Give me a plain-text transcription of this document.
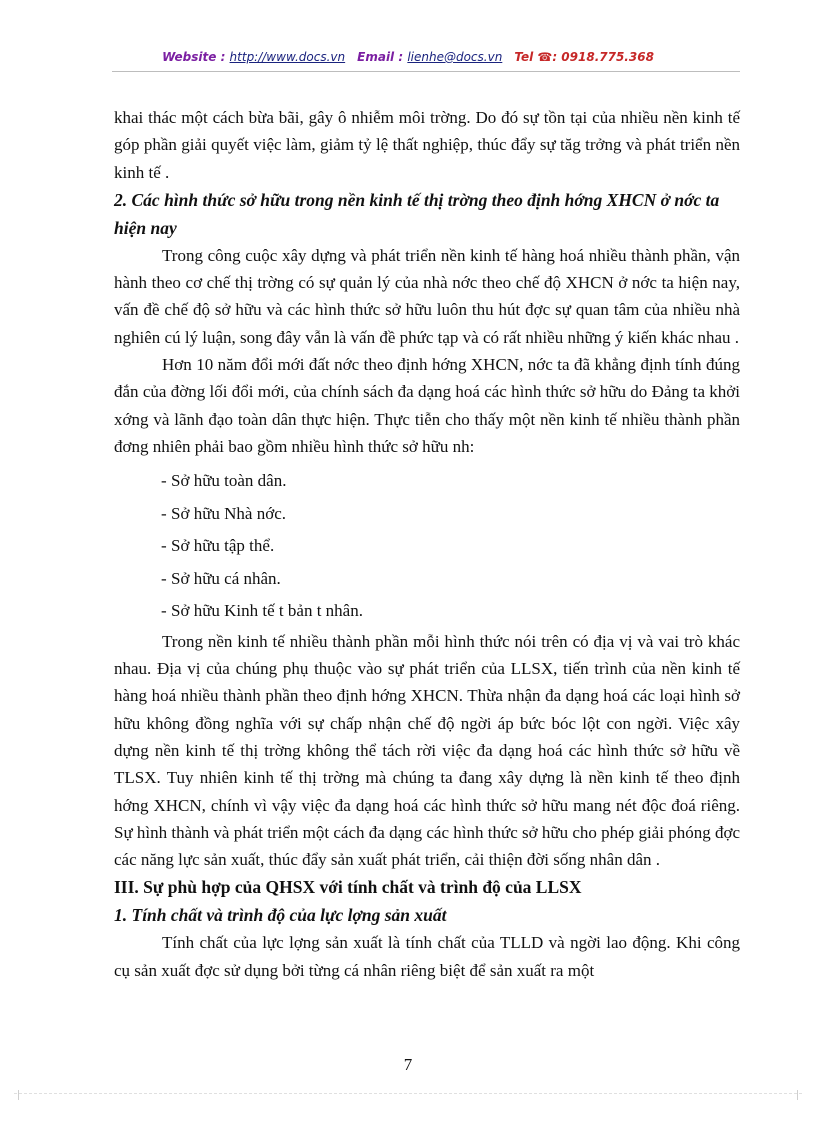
Website : http://www.docs.vn Email : lienhe@docs.vn Tel ☎: 0918.775.368

khai thác một cách bừa bãi, gây ô nhiễm môi trờng. Do đó sự tồn tại của nhiều nền kinh tế góp phần giải quyết việc làm, giảm tỷ lệ thất nghiệp, thúc đẩy sự tăg trởng và phát triển nền kinh tế .

2. Các hình thức sở hữu trong nền kinh tế thị trờng theo định hớng XHCN ở nớc ta hiện nay

Trong công cuộc xây dựng và phát triển nền kinh tế hàng hoá nhiều thành phần, vận hành theo cơ chế thị trờng có sự quản lý của nhà nớc theo chế độ XHCN ở nớc ta hiện nay, vấn đề chế độ sở hữu và các hình thức sở hữu luôn thu hút đợc sự quan tâm của nhiều nhà nghiên cú lý luận, song đây vẫn là vấn đề phức tạp và có rất nhiều những ý kiến khác nhau .

Hơn 10 năm đổi mới đất nớc theo định hớng XHCN, nớc ta đã khẳng định tính đúng đắn của đờng lối đổi mới, của chính sách đa dạng hoá các hình thức sở hữu do Đảng ta khởi xớng và lãnh đạo toàn dân thực hiện. Thực tiễn cho thấy một nền kinh tế nhiều thành phần đơng nhiên phải bao gồm nhiều hình thức sở hữu nh:

- Sở hữu toàn dân.
- Sở hữu Nhà nớc.
- Sở hữu tập thể.
- Sở hữu cá nhân.
- Sở hữu Kinh tế t bản t nhân.

Trong nền kinh tế nhiều thành phần mỗi hình thức nói trên có địa vị và vai trò khác nhau. Địa vị của chúng phụ thuộc vào sự phát triển của LLSX, tiến trình của nền kinh tế hàng hoá nhiều thành phần theo định hớng XHCN. Thừa nhận đa dạng hoá các loại hình sở hữu không đồng nghĩa với sự chấp nhận chế độ ngời áp bức bóc lột con ngời. Việc xây dựng nền kinh tế thị trờng không thể tách rời việc đa dạng hoá các hình thức sở hữu về TLSX. Tuy nhiên kinh tế thị trờng mà chúng ta đang xây dựng là nền kinh tế theo định hớng XHCN, chính vì vậy việc đa dạng hoá các hình thức sở hữu mang nét độc đoá riêng. Sự hình thành và phát triển một cách đa dạng các hình thức sở hữu cho phép giải phóng đợc các năng lực sản xuất, thúc đẩy sản xuất phát triển, cải thiện đời sống nhân dân .

III. Sự phù hợp của QHSX với tính chất và trình độ của LLSX
1. Tính chất và trình độ của lực lợng sản xuất

Tính chất của lực lợng sản xuất là tính chất của TLLD và ngời lao động. Khi công cụ sản xuất đợc sử dụng bởi từng cá nhân riêng biệt để sản xuất ra một

7
